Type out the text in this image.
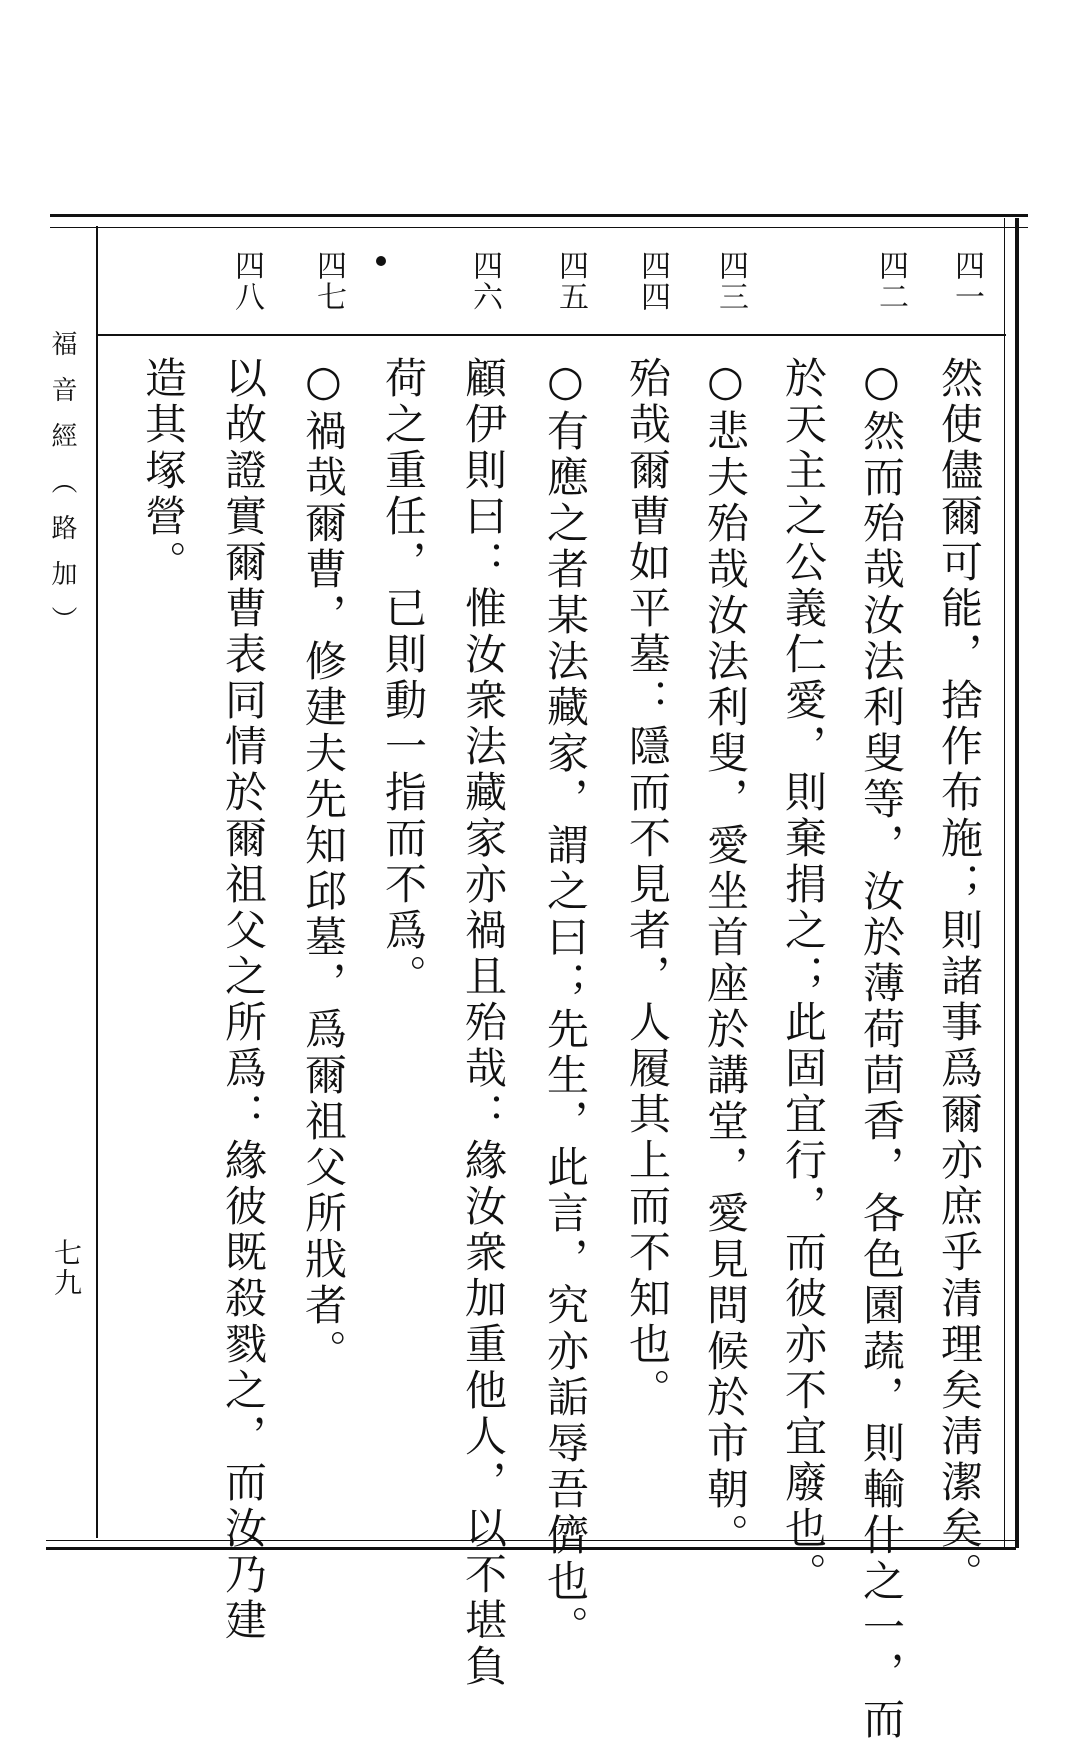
福音經（路加）
七九
四一
四二
四三
四四
四五
四六
四七
四八
然使儘爾可能，捨作布施；則諸事爲爾亦庶乎清理矣淸潔矣。
○然而殆哉汝法利叟等，汝於薄荷茴香，各色園蔬，則輸什之一，而
於天主之公義仁愛，則棄捐之；此固宜行，而彼亦不宜廢也。
○悲夫殆哉汝法利叟，愛坐首座於講堂，愛見問候於市朝。
殆哉爾曹如平墓：隱而不見者，人履其上而不知也。
○有應之者某法藏家，謂之曰；先生，此言，究亦詬辱吾儕也。
顧伊則曰：惟汝衆法藏家亦禍且殆哉：緣汝衆加重他人，以不堪負
荷之重任，已則動一指而不爲。
○禍哉爾曹，修建夫先知邱墓，爲爾祖父所戕者。
以故證實爾曹表同情於爾祖父之所爲：緣彼既殺戮之，而汝乃建
造其塚營。
